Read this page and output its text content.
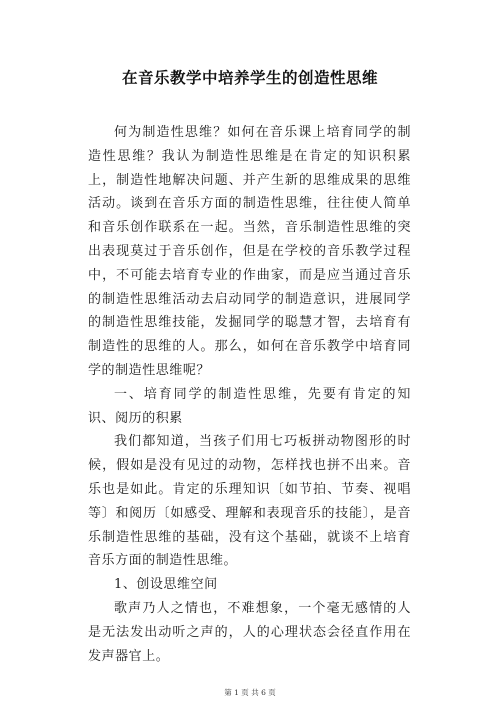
在音乐教学中培养学生的创造性思维

何为制造性思维？如何在音乐课上培育同学的制造性思维？我认为制造性思维是在肯定的知识积累上，制造性地解决问题、并产生新的思维成果的思维活动。谈到在音乐方面的制造性思维，往往使人简单和音乐创作联系在一起。当然，音乐制造性思维的突出表现莫过于音乐创作，但是在学校的音乐教学过程中，不可能去培育专业的作曲家，而是应当通过音乐的制造性思维活动去启动同学的制造意识，进展同学的制造性思维技能，发掘同学的聪慧才智，去培育有制造性的思维的人。那么，如何在音乐教学中培育同学的制造性思维呢？

一、培育同学的制造性思维，先要有肯定的知识、阅历的积累

我们都知道，当孩子们用七巧板拼动物图形的时候，假如是没有见过的动物，怎样找也拼不出来。音乐也是如此。肯定的乐理知识〔如节拍、节奏、视唱等〕和阅历〔如感受、理解和表现音乐的技能〕，是音乐制造性思维的基础，没有这个基础，就谈不上培育音乐方面的制造性思维。

1、创设思维空间

歌声乃人之情也，不难想象，一个毫无感情的人是无法发出动听之声的，人的心理状态会径直作用在发声器官上。

第 1 页 共 6 页
